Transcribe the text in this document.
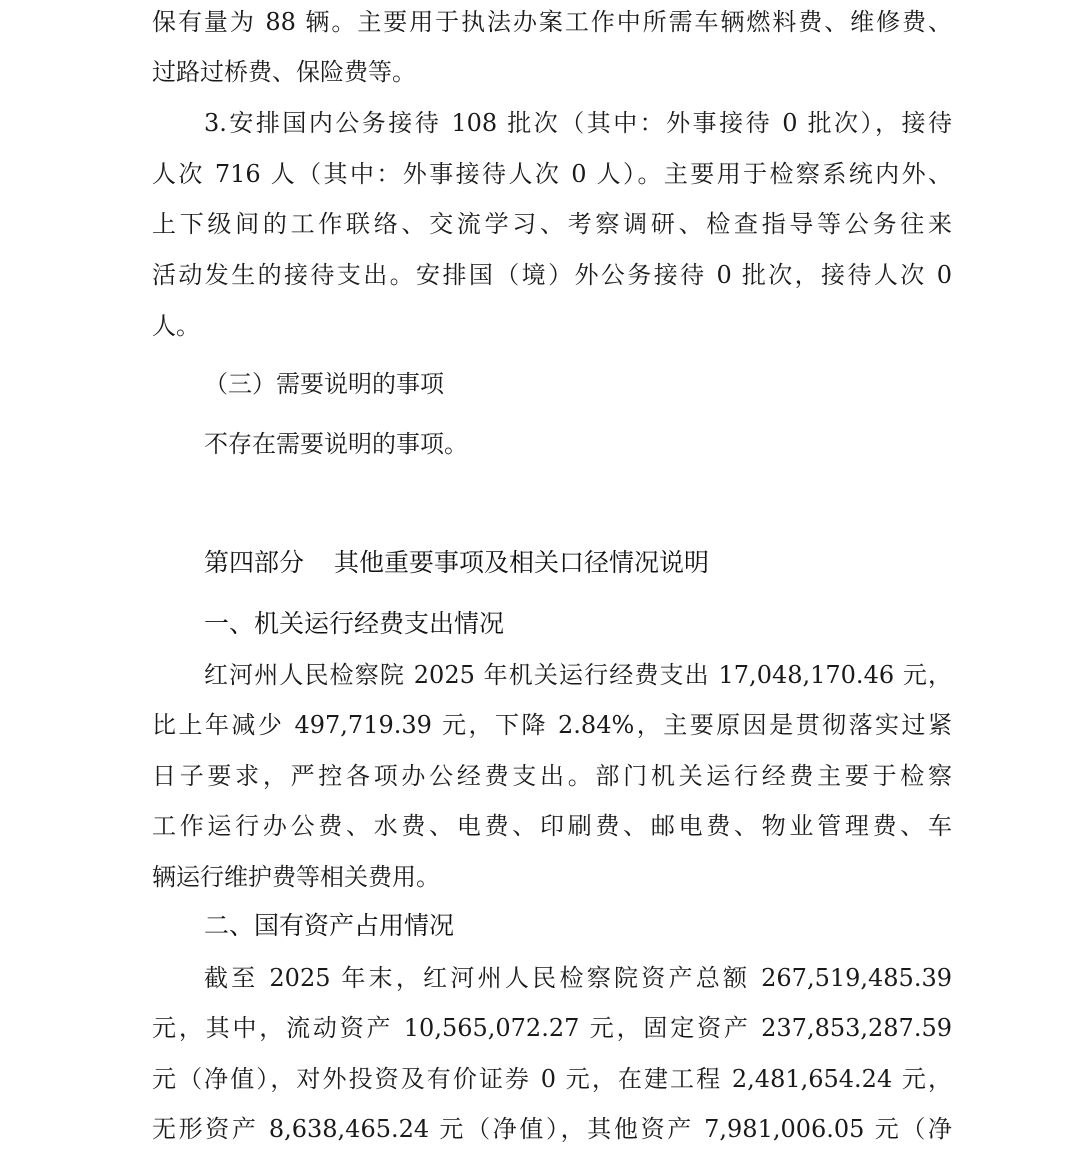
保有量为 88 辆。主要用于执法办案工作中所需车辆燃料费、维修费、
过路过桥费、保险费等。
3.安排国内公务接待 108 批次（其中：外事接待 0 批次），接待
人次 716 人（其中：外事接待人次 0 人）。主要用于检察系统内外、
上下级间的工作联络、交流学习、考察调研、检查指导等公务往来
活动发生的接待支出。安排国（境）外公务接待 0 批次，接待人次 0
人。
（三）需要说明的事项
不存在需要说明的事项。
第四部分 其他重要事项及相关口径情况说明
一、机关运行经费支出情况
红河州人民检察院 2025 年机关运行经费支出 17,048,170.46 元，
比上年减少 497,719.39 元，下降 2.84%，主要原因是贯彻落实过紧
日子要求，严控各项办公经费支出。部门机关运行经费主要于检察
工作运行办公费、水费、电费、印刷费、邮电费、物业管理费、车
辆运行维护费等相关费用。
二、国有资产占用情况
截至 2025 年末，红河州人民检察院资产总额 267,519,485.39
元，其中，流动资产 10,565,072.27 元，固定资产 237,853,287.59
元（净值），对外投资及有价证券 0 元，在建工程 2,481,654.24 元，
无形资产 8,638,465.24 元（净值），其他资产 7,981,006.05 元（净
